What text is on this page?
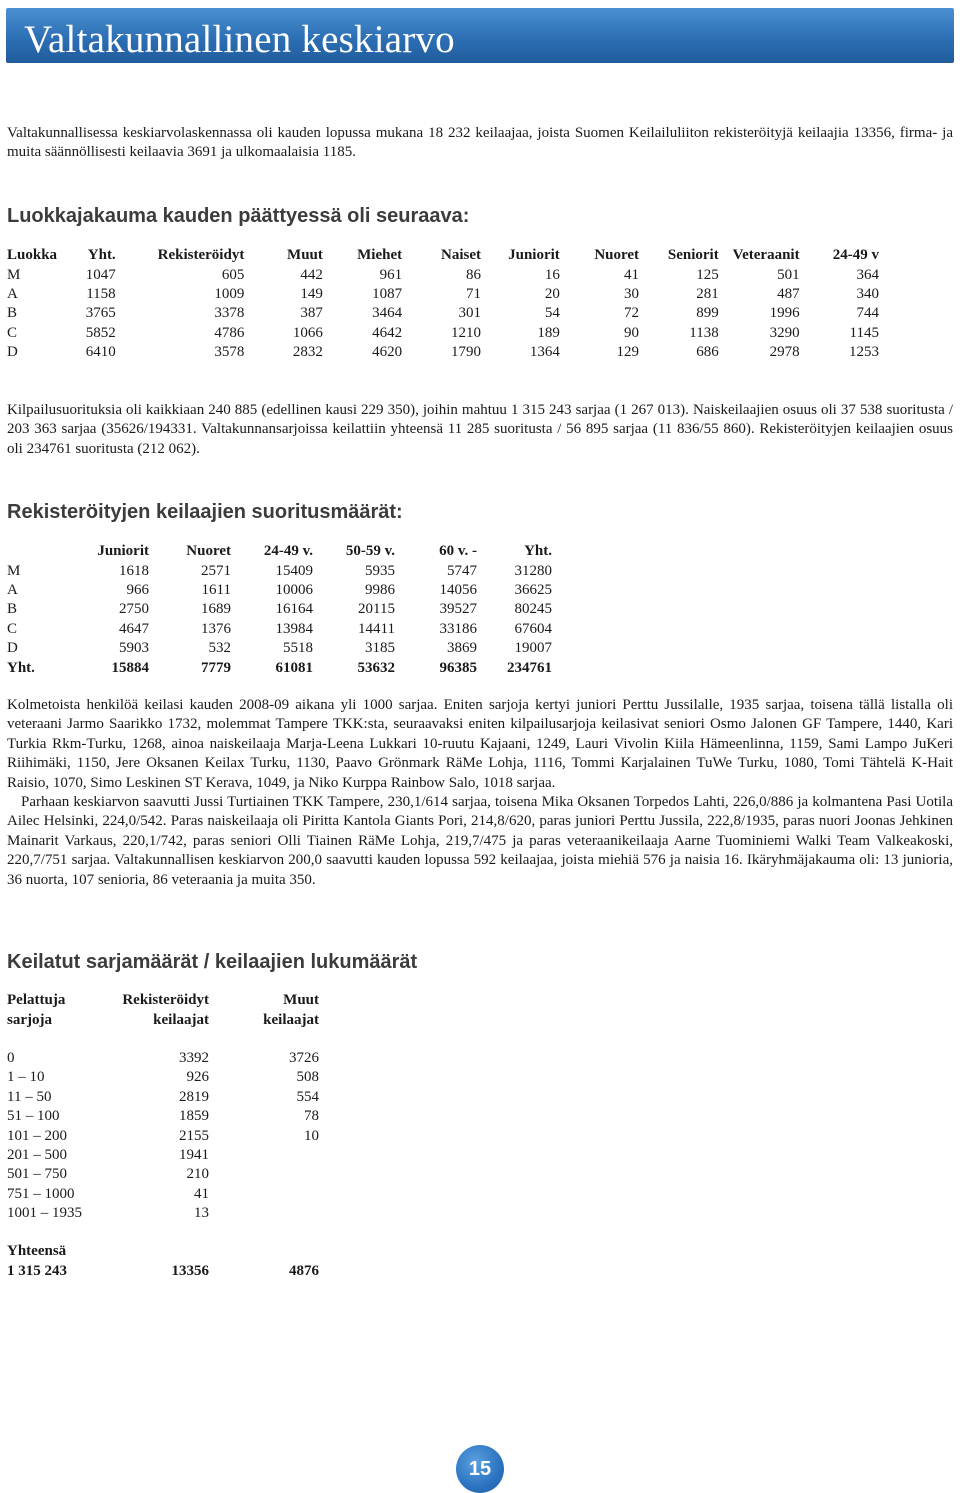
Valtakunnallinen keskiarvo

Valtakunnallisessa keskiarvolaskennassa oli kauden lopussa mukana 18 232 keilaajaa, joista Suomen Keilailuliiton rekisteröityjä keilaajia 13356, firma- ja muita säännöllisesti keilaavia 3691 ja ulkomaalaisia 1185.

Luokkajakauma kauden päättyessä oli seuraava:
Luokka	Yht.	Rekisteröidyt	Muut	Miehet	Naiset	Juniorit	Nuoret	Seniorit	Veteraanit	24-49 v
M	1047	605	442	961	86	16	41	125	501	364
A	1158	1009	149	1087	71	20	30	281	487	340
B	3765	3378	387	3464	301	54	72	899	1996	744
C	5852	4786	1066	4642	1210	189	90	1138	3290	1145
D	6410	3578	2832	4620	1790	1364	129	686	2978	1253

Kilpailusuorituksia oli kaikkiaan 240 885 (edellinen kausi 229 350), joihin mahtuu 1 315 243 sarjaa (1 267 013). Naiskeilaajien osuus oli 37 538 suoritusta / 203 363 sarjaa (35626/194331. Valtakunnansarjoissa keilattiin yhteensä 11 285 suoritusta / 56 895 sarjaa (11 836/55 860). Rekisteröityjen keilaajien osuus oli 234761 suoritusta (212 062).

Rekisteröityjen keilaajien suoritusmäärät:
	Juniorit	Nuoret	24-49 v.	50-59 v.	60 v. -	Yht.
M	1618	2571	15409	5935	5747	31280
A	966	1611	10006	9986	14056	36625
B	2750	1689	16164	20115	39527	80245
C	4647	1376	13984	14411	33186	67604
D	5903	532	5518	3185	3869	19007
Yht.	15884	7779	61081	53632	96385	234761

Kolmetoista henkilöä keilasi kauden 2008-09 aikana yli 1000 sarjaa. Eniten sarjoja kertyi juniori Perttu Jussilalle, 1935 sarjaa, toisena tällä listalla oli veteraani Jarmo Saarikko 1732, molemmat Tampere TKK:sta, seuraavaksi eniten kilpailusarjoja keilasivat seniori Osmo Jalonen GF Tampere, 1440, Kari Turkia Rkm-Turku, 1268, ainoa naiskeilaaja Marja-Leena Lukkari 10-ruutu Kajaani, 1249, Lauri Vivolin Kiila Hämeenlinna, 1159, Sami Lampo JuKeri Riihimäki, 1150, Jere Oksanen Keilax Turku, 1130, Paavo Grönmark RäMe Lohja, 1116, Tommi Karjalainen TuWe Turku, 1080, Tomi Tähtelä K-Hait Raisio, 1070, Simo Leskinen ST Kerava, 1049, ja Niko Kurppa Rainbow Salo, 1018 sarjaa.

Parhaan keskiarvon saavutti Jussi Turtiainen TKK Tampere, 230,1/614 sarjaa, toisena Mika Oksanen Torpedos Lahti, 226,0/886 ja kolmantena Pasi Uotila Ailec Helsinki, 224,0/542. Paras naiskeilaaja oli Piritta Kantola Giants Pori, 214,8/620, paras juniori Perttu Jussila, 222,8/1935, paras nuori Joonas Jehkinen Mainarit Varkaus, 220,1/742, paras seniori Olli Tiainen RäMe Lohja, 219,7/475 ja paras veteraanikeilaaja Aarne Tuominiemi Walki Team Valkeakoski, 220,7/751 sarjaa. Valtakunnallisen keskiarvon 200,0 saavutti kauden lopussa 592 keilaajaa, joista miehiä 576 ja naisia 16. Ikäryhmäjakauma oli: 13 junioria, 36 nuorta, 107 senioria, 86 veteraania ja muita 350.

Keilatut sarjamäärät / keilaajien lukumäärät
Pelattuja	Rekisteröidyt	Muut
sarjoja	keilaajat	keilaajat

0	3392	3726
1 – 10	926	508
11 – 50	2819	554
51 – 100	1859	78
101 – 200	2155	10
201 – 500	1941	
501 – 750	210	
751 – 1000	41	
1001 – 1935	13	

Yhteensä		
1 315 243	13356	4876
15
